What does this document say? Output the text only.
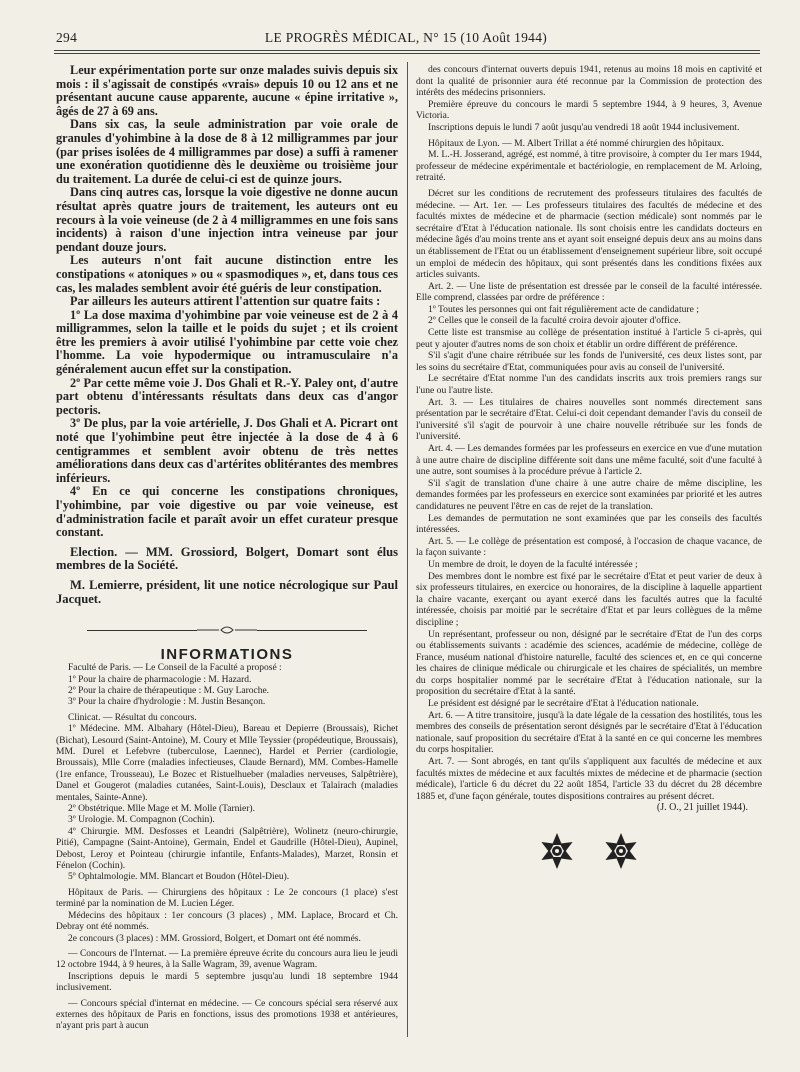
294	LE PROGRÈS MÉDICAL, N° 15 (10 Août 1944)

Leur expérimentation porte sur onze malades suivis depuis six mois : il s'agissait de constipés «vrais» depuis 10 ou 12 ans et ne présentant aucune cause apparente, aucune « épine irritative », âgés de 27 à 69 ans.

Dans six cas, la seule administration par voie orale de granules d'yohimbine à la dose de 8 à 12 milligrammes par jour (par prises isolées de 4 milligrammes par dose) a suffi à ramener une exonération quotidienne dès le deuxième ou troisième jour du traitement. La durée de celui-ci est de quinze jours.

Dans cinq autres cas, lorsque la voie digestive ne donne aucun résultat après quatre jours de traitement, les auteurs ont eu recours à la voie veineuse (de 2 à 4 milligrammes en une fois sans incidents) à raison d'une injection intra veineuse par jour pendant douze jours.

Les auteurs n'ont fait aucune distinction entre les constipations « atoniques » ou « spasmodiques », et, dans tous ces cas, les malades semblent avoir été guéris de leur constipation.

Par ailleurs les auteurs attirent l'attention sur quatre faits :

1º La dose maxima d'yohimbine par voie veineuse est de 2 à 4 milligrammes, selon la taille et le poids du sujet ; et ils croient être les premiers à avoir utilisé l'yohimbine par cette voie chez l'homme. La voie hypodermique ou intramusculaire n'a généralement aucun effet sur la constipation.

2º Par cette même voie J. Dos Ghali et R.-Y. Paley ont, d'autre part obtenu d'intéressants résultats dans deux cas d'angor pectoris.

3º De plus, par la voie artérielle, J. Dos Ghali et A. Picrart ont noté que l'yohimbine peut être injectée à la dose de 4 à 6 centigrammes et semblent avoir obtenu de très nettes améliorations dans deux cas d'artérites oblitérantes des membres inférieurs.

4º En ce qui concerne les constipations chroniques, l'yohimbine, par voie digestive ou par voie veineuse, est d'administration facile et paraît avoir un effet curateur presque constant.

Election. — MM. Grossiord, Bolgert, Domart sont élus membres de la Société.

M. Lemierre, président, lit une notice nécrologique sur Paul Jacquet.

INFORMATIONS

Faculté de Paris. — Le Conseil de la Faculté a proposé :

1º Pour la chaire de pharmacologie : M. Hazard.

2º Pour la chaire de thérapeutique : M. Guy Laroche.

3º Pour la chaire d'hydrologie : M. Justin Besançon.

Clinicat. — Résultat du concours.

1º Médecine. MM. Albahary (Hôtel-Dieu), Bareau et Depierre (Broussais), Richet (Bichat), Lesourd (Saint-Antoine), M. Coury et Mlle Teyssier (propédeutique, Broussais), MM. Durel et Lefebvre (tuberculose, Laennec), Hardel et Perrier (cardiologie, Broussais), Mlle Corre (maladies infectieuses, Claude Bernard), MM. Combes-Hamelle (1re enfance, Trousseau), Le Bozec et Ristuelhueber (maladies nerveuses, Salpêtrière), Danel et Gougerot (maladies cutanées, Saint-Louis), Desclaux et Talairach (maladies mentales, Sainte-Anne).

2º Obstétrique. Mlle Mage et M. Molle (Tarnier).

3º Urologie. M. Compagnon (Cochin).

4º Chirurgie. MM. Desfosses et Leandri (Salpêtrière), Wolinetz (neuro-chirurgie, Pitié), Campagne (Saint-Antoine), Germain, Endel et Gaudrille (Hôtel-Dieu), Aupinel, Debost, Leroy et Pointeau (chirurgie infantile, Enfants-Malades), Marzet, Ronsin et Fénelon (Cochin).

5º Ophtalmologie. MM. Blancart et Boudon (Hôtel-Dieu).

Hôpitaux de Paris. — Chirurgiens des hôpitaux : Le 2e concours (1 place) s'est terminé par la nomination de M. Lucien Léger.

Médecins des hôpitaux : 1er concours (3 places) , MM. Laplace, Brocard et Ch. Debray ont été nommés.

2e concours (3 places) : MM. Grossiord, Bolgert, et Domart ont été nommés.

— Concours de l'Internat. — La première épreuve écrite du concours aura lieu le jeudi 12 octobre 1944, à 9 heures, à la Salle Wagram, 39, avenue Wagram.

Inscriptions depuis le mardi 5 septembre jusqu'au lundi 18 septembre 1944 inclusivement.

— Concours spécial d'internat en médecine. — Ce concours spécial sera réservé aux externes des hôpitaux de Paris en fonctions, issus des promotions 1938 et antérieures, n'ayant pris part à aucun

des concours d'internat ouverts depuis 1941, retenus au moins 18 mois en captivité et dont la qualité de prisonnier aura été reconnue par la Commission de protection des intérêts des médecins prisonniers.

Première épreuve du concours le mardi 5 septembre 1944, à 9 heures, 3, Avenue Victoria.

Inscriptions depuis le lundi 7 août jusqu'au vendredi 18 août 1944 inclusivement.

Hôpitaux de Lyon. — M. Albert Trillat a été nommé chirurgien des hôpitaux.

M. L.-H. Josserand, agrégé, est nommé, à titre provisoire, à compter du 1er mars 1944, professeur de médecine expérimentale et bactériologie, en remplacement de M. Arloing, retraité.

Décret sur les conditions de recrutement des professeurs titulaires des facultés de médecine. — Art. 1er. — Les professeurs titulaires des facultés de médecine et des facultés mixtes de médecine et de pharmacie (section médicale) sont nommés par le secrétaire d'Etat à l'éducation nationale. Ils sont choisis entre les candidats docteurs en médecine âgés d'au moins trente ans et ayant soit enseigné depuis deux ans au moins dans un établissement de l'Etat ou un établissement d'enseignement supérieur libre, soit occupé un emploi de médecin des hôpitaux, qui sont présentés dans les conditions fixées aux articles suivants.

Art. 2. — Une liste de présentation est dressée par le conseil de la faculté intéressée. Elle comprend, classées par ordre de préférence :

1º Toutes les personnes qui ont fait régulièrement acte de candidature ;

2º Celles que le conseil de la faculté croira devoir ajouter d'office.

Cette liste est transmise au collège de présentation institué à l'article 5 ci-après, qui peut y ajouter d'autres noms de son choix et établir un ordre différent de préférence.

S'il s'agit d'une chaire rétribuée sur les fonds de l'université, ces deux listes sont, par les soins du secrétaire d'Etat, communiquées pour avis au conseil de l'université.

Le secrétaire d'Etat nomme l'un des candidats inscrits aux trois premiers rangs sur l'une ou l'autre liste.

Art. 3. — Les titulaires de chaires nouvelles sont nommés directement sans présentation par le secrétaire d'Etat. Celui-ci doit cependant demander l'avis du conseil de l'université s'il s'agit de pourvoir à une chaire nouvelle rétribuée sur les fonds de l'université.

Art. 4. — Les demandes formées par les professeurs en exercice en vue d'une mutation à une autre chaire de discipline différente soit dans une même faculté, soit d'une faculté à une autre, sont soumises à la procédure prévue à l'article 2.

S'il s'agit de translation d'une chaire à une autre chaire de même discipline, les demandes formées par les professeurs en exercice sont examinées par priorité et les autres candidatures ne peuvent l'être en cas de rejet de la translation.

Les demandes de permutation ne sont examinées que par les conseils des facultés intéressées.

Art. 5. — Le collège de présentation est composé, à l'occasion de chaque vacance, de la façon suivante :

Un membre de droit, le doyen de la faculté intéressée ;

Des membres dont le nombre est fixé par le secrétaire d'Etat et peut varier de deux à six professeurs titulaires, en exercice ou honoraires, de la discipline à laquelle appartient la chaire vacante, exerçant ou ayant exercé dans les facultés autres que la faculté intéressée, choisis par moitié par le secrétaire d'Etat et par leurs collègues de la même discipline ;

Un représentant, professeur ou non, désigné par le secrétaire d'Etat de l'un des corps ou établissements suivants : académie des sciences, académie de médecine, collège de France, muséum national d'histoire naturelle, faculté des sciences et, en ce qui concerne les chaires de clinique médicale ou chirurgicale et les chaires de spécialités, un membre du corps hospitalier nommé par le secrétaire d'Etat à l'éducation nationale, sur la proposition du secrétaire d'Etat à la santé.

Le président est désigné par le secrétaire d'Etat à l'éducation nationale.

Art. 6. — A titre transitoire, jusqu'à la date légale de la cessation des hostilités, tous les membres des conseils de présentation seront désignés par le secrétaire d'Etat à l'éducation nationale, sauf proposition du secrétaire d'Etat à la santé en ce qui concerne les membres du corps hospitalier.

Art. 7. — Sont abrogés, en tant qu'ils s'appliquent aux facultés de médecine et aux facultés mixtes de médecine et aux facultés mixtes de médecine et de pharmacie (section médicale), l'article 6 du décret du 22 août 1854, l'article 33 du décret du 28 décembre 1885 et, d'une façon générale, toutes dispositions contraires au présent décret.

(J. O., 21 juillet 1944).
